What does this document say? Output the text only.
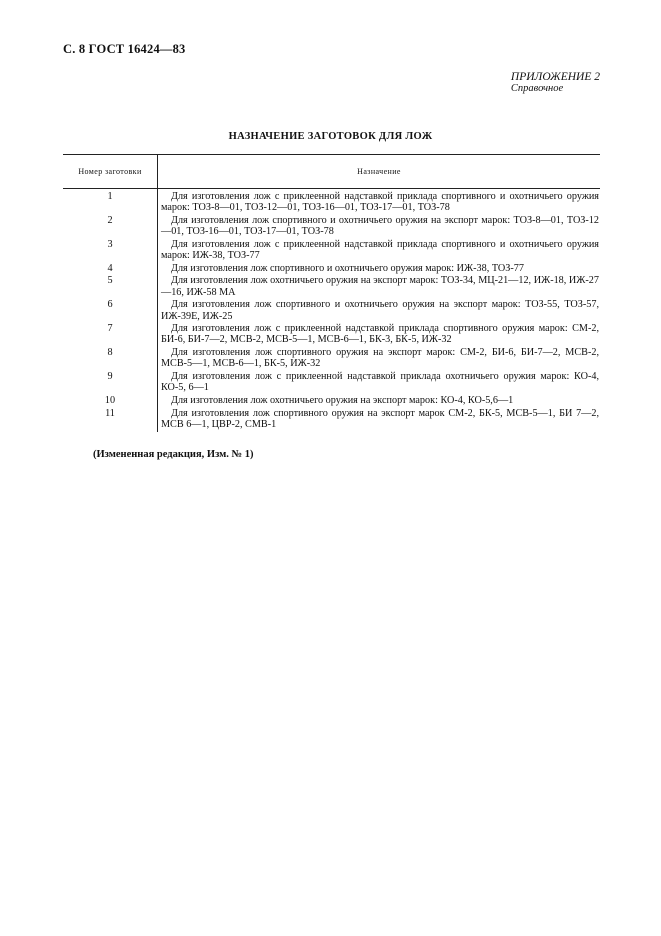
С. 8 ГОСТ 16424—83
ПРИЛОЖЕНИЕ 2
Справочное
НАЗНАЧЕНИЕ ЗАГОТОВОК ДЛЯ ЛОЖ
Номер заготовки	Назначение
1	Для изготовления лож с приклеенной надставкой приклада спортивного и охотничьего оружия марок: ТОЗ-8—01, ТОЗ-12—01, ТОЗ-16—01, ТОЗ-17—01, ТОЗ-78
2	Для изготовления лож спортивного и охотничьего оружия на экспорт марок: ТОЗ-8—01, ТОЗ-12—01, ТОЗ-16—01, ТОЗ-17—01, ТОЗ-78
3	Для изготовления лож с приклеенной надставкой приклада спортивного и охотничьего оружия марок: ИЖ-38, ТОЗ-77
4	Для изготовления лож спортивного и охотничьего оружия марок: ИЖ-38, ТОЗ-77
5	Для изготовления лож охотничьего оружия на экспорт марок: ТОЗ-34, МЦ-21—12, ИЖ-18, ИЖ-27—16, ИЖ-58 МА
6	Для изготовления лож спортивного и охотничьего оружия на экспорт марок: ТОЗ-55, ТОЗ-57, ИЖ-39Е, ИЖ-25
7	Для изготовления лож с приклеенной надставкой приклада спортивного оружия марок: СМ-2, БИ-6, БИ-7—2, МСВ-2, МСВ-5—1, МСВ-6—1, БК-3, БК-5, ИЖ-32
8	Для изготовления лож спортивного оружия на экспорт марок: СМ-2, БИ-6, БИ-7—2, МСВ-2, МСВ-5—1, МСВ-6—1, БК-5, ИЖ-32
9	Для изготовления лож с приклеенной надставкой приклада охотничьего оружия марок: КО-4, КО-5, 6—1
10	Для изготовления лож охотничьего оружия на экспорт марок: КО-4, КО-5,6—1
11	Для изготовления лож спортивного оружия на экспорт марок СМ-2, БК-5, МСВ-5—1, БИ 7—2, МСВ 6—1, ЦВР-2, СМВ-1
(Измененная редакция, Изм. № 1)
